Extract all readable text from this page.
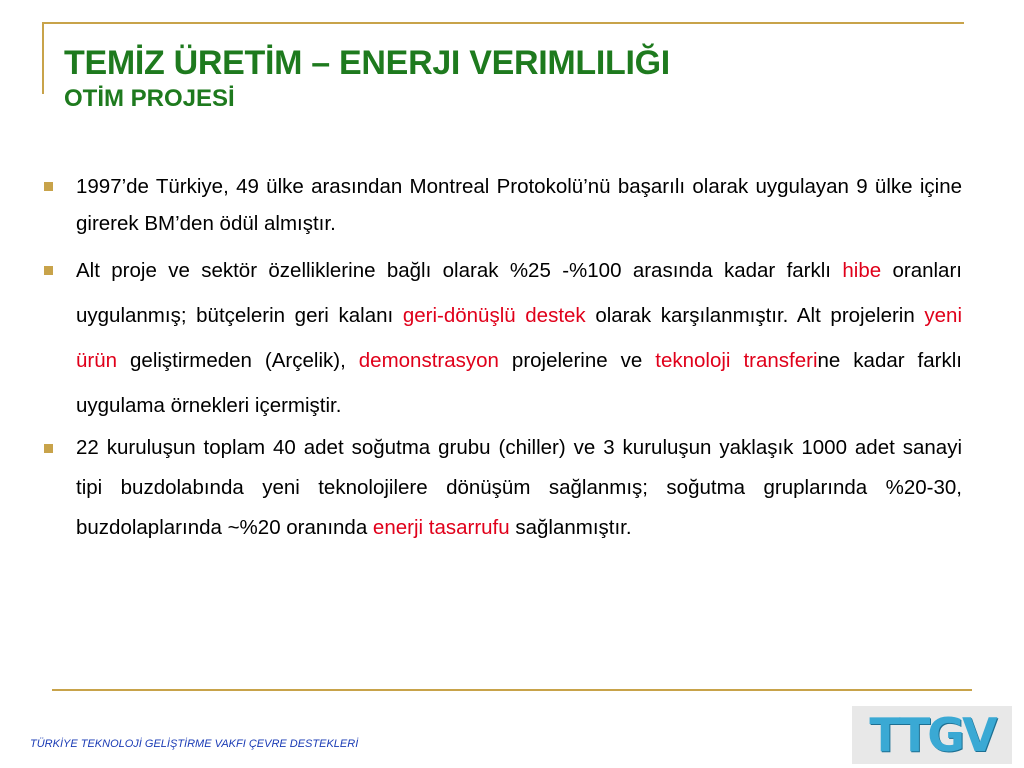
TEMİZ ÜRETİM – ENERJI VERIMLILIĞI
OTİM PROJESİ
1997’de Türkiye, 49 ülke arasından Montreal Protokolü’nü başarılı olarak uygulayan 9 ülke içine girerek BM’den ödül almıştır.
Alt proje ve sektör özelliklerine bağlı olarak %25 -%100 arasında kadar farklı hibe oranları uygulanmış; bütçelerin geri kalanı geri-dönüşlü destek olarak karşılanmıştır. Alt projelerin yeni ürün geliştirmeden (Arçelik), demonstrasyon projelerine ve teknoloji transferine kadar farklı uygulama örnekleri içermiştir.
22 kuruluşun toplam 40 adet soğutma grubu (chiller) ve 3 kuruluşun yaklaşık 1000 adet sanayi tipi buzdolabında yeni teknolojilere dönüşüm sağlanmış; soğutma gruplarında %20-30, buzdolaplarında ~%20 oranında enerji tasarrufu sağlanmıştır.
TÜRKİYE TEKNOLOJİ GELİŞTİRME VAKFI ÇEVRE DESTEKLERİ	TTGV
